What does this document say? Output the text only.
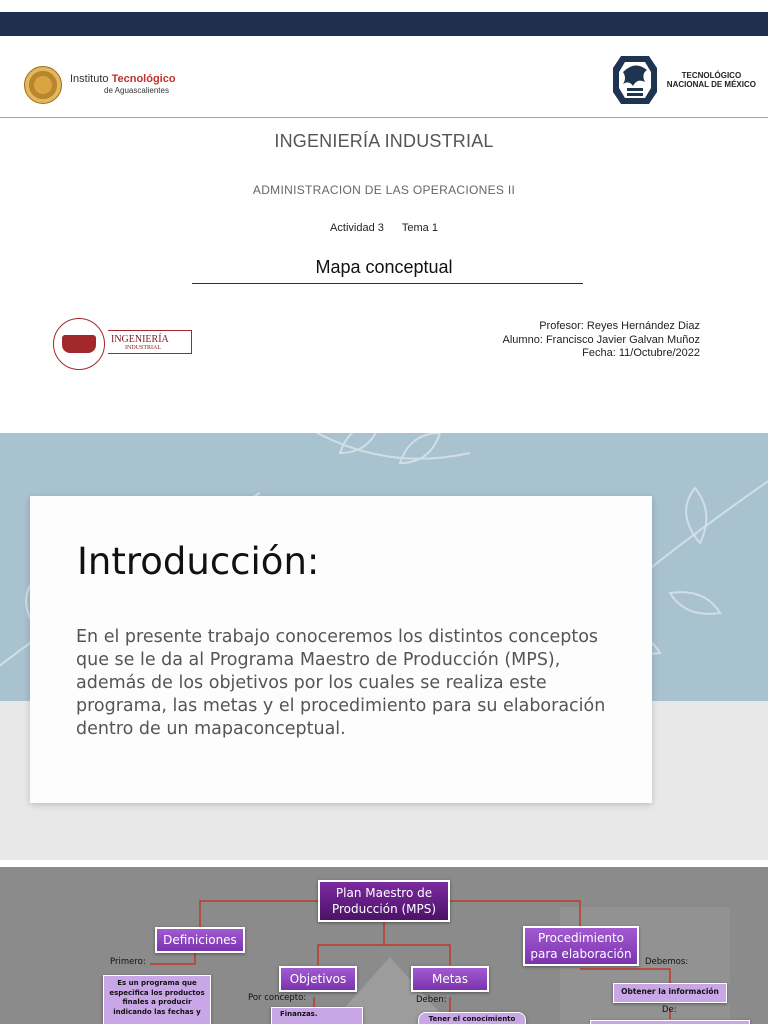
Instituto Tecnológico
de Aguascalientes
TECNOLÓGICO
NACIONAL DE MÉXICO
INGENIERÍA INDUSTRIAL
ADMINISTRACION DE LAS OPERACIONES II
Actividad 3 Tema 1
Mapa conceptual
INGENIERÍA
INDUSTRIAL
Profesor: Reyes Hernández Diaz
Alumno: Francisco Javier Galvan Muñoz
Fecha: 11/Octubre/2022
Introducción:

En el presente trabajo conoceremos los distintos conceptos que se le da al Programa Maestro de Producción (MPS), además de los objetivos por los cuales se realiza este programa, las metas y el procedimiento para su elaboración dentro de un mapaconceptual.

Plan Maestro de Producción (MPS)
Definiciones	Procedimiento para elaboración
Objetivos	Metas
Primero:	Debemos:
Por concepto:	Deben:
De:
Es un programa que especifica los productos finales a producir indicando las fechas y	Finanzas.
Tener el conocimiento
Obtener la información
